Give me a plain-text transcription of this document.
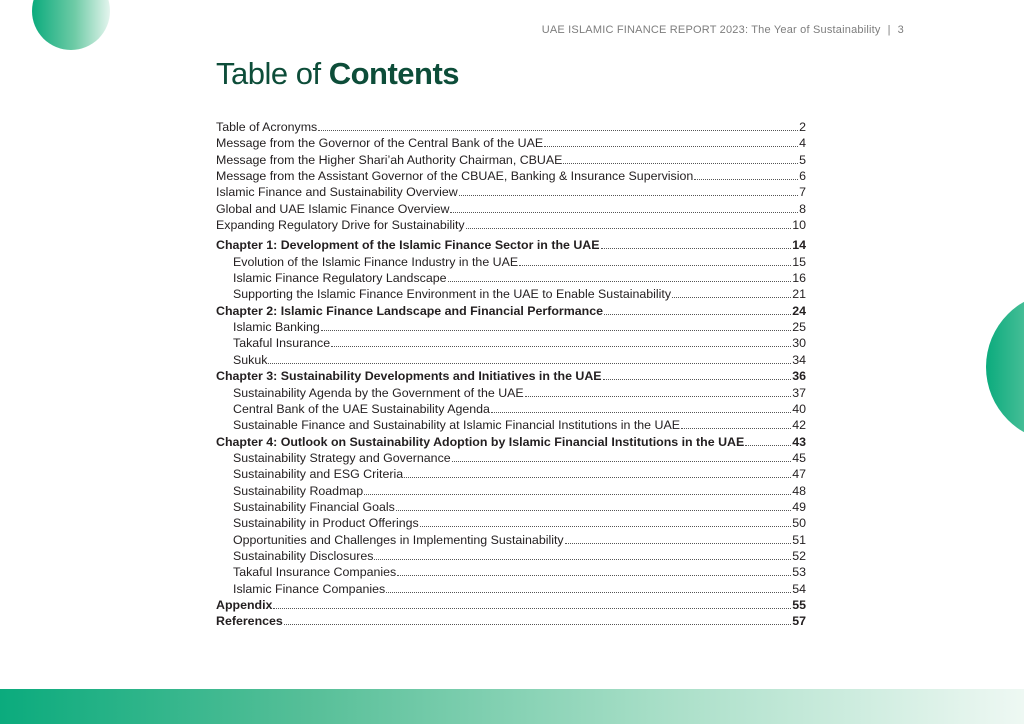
UAE ISLAMIC FINANCE REPORT 2023: The Year of Sustainability | 3
Table of Contents
Table of Acronyms	2
Message from the Governor of the Central Bank of the UAE	4
Message from the Higher Shari’ah Authority Chairman, CBUAE	5
Message from the Assistant Governor of the CBUAE, Banking & Insurance Supervision	6
Islamic Finance and Sustainability Overview	7
Global and UAE Islamic Finance Overview	8
Expanding Regulatory Drive for Sustainability	10
Chapter 1: Development of the Islamic Finance Sector in the UAE	14
Evolution of the Islamic Finance Industry in the UAE	15
Islamic Finance Regulatory Landscape	16
Supporting the Islamic Finance Environment in the UAE to Enable Sustainability	21
Chapter 2: Islamic Finance Landscape and Financial Performance	24
Islamic Banking	25
Takaful Insurance	30
Sukuk	34
Chapter 3: Sustainability Developments and Initiatives in the UAE	36
Sustainability Agenda by the Government of the UAE	37
Central Bank of the UAE Sustainability Agenda	40
Sustainable Finance and Sustainability at Islamic Financial Institutions in the UAE	42
Chapter 4: Outlook on Sustainability Adoption by Islamic Financial Institutions in the UAE	43
Sustainability Strategy and Governance	45
Sustainability and ESG Criteria	47
Sustainability Roadmap	48
Sustainability Financial Goals	49
Sustainability in Product Offerings	50
Opportunities and Challenges in Implementing Sustainability	51
Sustainability Disclosures	52
Takaful Insurance Companies	53
Islamic Finance Companies	54
Appendix	55
References	57
